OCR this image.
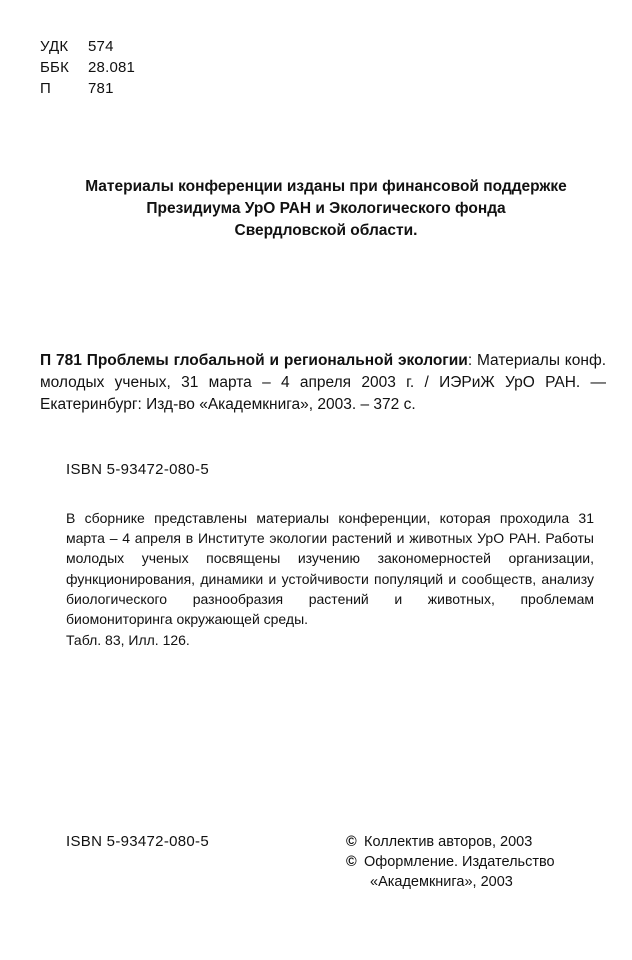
УДК 574
ББК 28.081
П 781
Материалы конференции изданы при финансовой поддержке
Президиума УрО РАН и Экологического фонда
Свердловской области.
П 781 Проблемы глобальной и региональной экологии: Материалы конф. молодых ученых, 31 марта – 4 апреля 2003 г. / ИЭРиЖ УрО РАН. — Екатеринбург: Изд-во «Академкнига», 2003. – 372 с.
ISBN 5-93472-080-5
В сборнике представлены материалы конференции, которая проходила 31 марта – 4 апреля в Институте экологии растений и животных УрО РАН. Работы молодых ученых посвящены изучению закономерностей организации, функционирования, динамики и устойчивости популяций и сообществ, анализу биологического разнообразия растений и животных, проблемам биомониторинга окружающей среды.
Табл. 83, Илл. 126.
ISBN 5-93472-080-5	© Коллектив авторов, 2003
© Оформление. Издательство
«Академкнига», 2003
